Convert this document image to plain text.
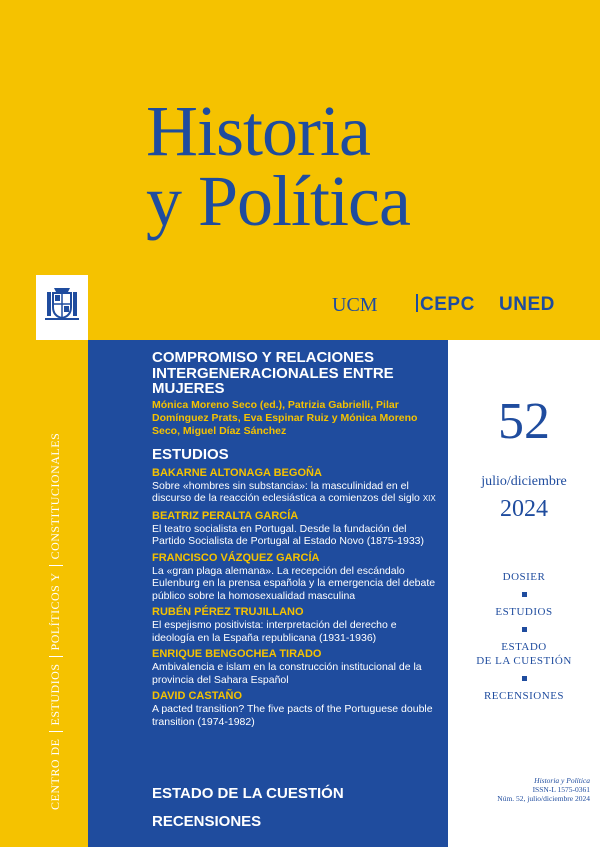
CENTRO DEESTUDIOSPOLÍTICOS YCONSTITUCIONALES
Historia
y Política
UCM	CEPC UNED
COMPROMISO Y RELACIONES INTERGENERACIONALES ENTRE MUJERES
Mónica Moreno Seco (ed.), Patrizia Gabrielli, Pilar Domínguez Prats, Eva Espinar Ruiz y Mónica Moreno Seco, Miguel Díaz Sánchez
ESTUDIOS
BAKARNE ALTONAGA BEGOÑA
Sobre «hombres sin substancia»: la masculinidad en el discurso de la reacción eclesiástica a comienzos del siglo XIX
BEATRIZ PERALTA GARCÍA
El teatro socialista en Portugal. Desde la fundación del Partido Socialista de Portugal al Estado Novo (1875-1933)
FRANCISCO VÁZQUEZ GARCÍA
La «gran plaga alemana». La recepción del escándalo Eulenburg en la prensa española y la emergencia del debate público sobre la homosexualidad masculina
RUBÉN PÉREZ TRUJILLANO
El espejismo positivista: interpretación del derecho e ideología en la España republicana (1931-1936)
ENRIQUE BENGOCHEA TIRADO
Ambivalencia e islam en la construcción institucional de la provincia del Sahara Español
DAVID CASTAÑO
A pacted transition? The five pacts of the Portuguese double transition (1974-1982)
ESTADO DE LA CUESTIÓN
RECENSIONES
52
julio/diciembre
2024
DOSIER
ESTUDIOS
ESTADO
DE LA CUESTIÓN
RECENSIONES
Historia y Política
ISSN-L 1575-0361
Núm. 52, julio/diciembre 2024
